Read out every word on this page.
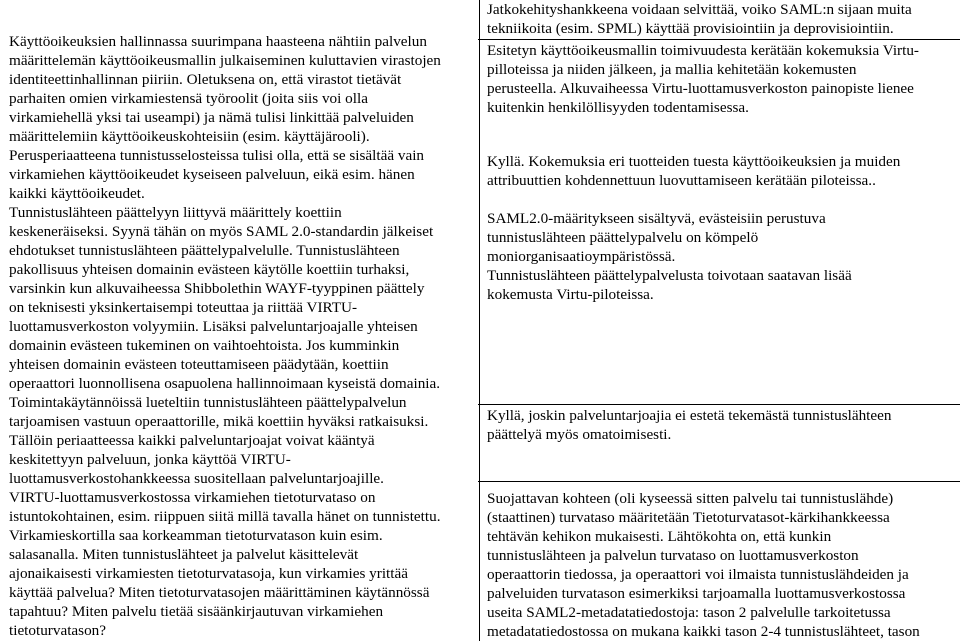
Käyttöoikeuksien hallinnassa suurimpana haasteena nähtiin palvelun
määrittelemän käyttöoikeusmallin julkaiseminen kuluttavien virastojen
identiteettinhallinnan piiriin. Oletuksena on, että virastot tietävät
parhaiten omien virkamiestensä työroolit (joita siis voi olla
virkamiehellä yksi tai useampi) ja nämä tulisi linkittää palveluiden
määrittelemiin käyttöoikeuskohteisiin (esim. käyttäjärooli).
Perusperiaatteena tunnistusselosteissa tulisi olla, että se sisältää vain
virkamiehen käyttöoikeudet kyseiseen palveluun, eikä esim. hänen
kaikki käyttöoikeudet.
Tunnistuslähteen päättelyyn liittyvä määrittely koettiin
keskeneräiseksi. Syynä tähän on myös SAML 2.0-standardin jälkeiset
ehdotukset tunnistuslähteen päättelypalvelulle. Tunnistuslähteen
pakollisuus yhteisen domainin evästeen käytölle koettiin turhaksi,
varsinkin kun alkuvaiheessa Shibbolethin WAYF-tyyppinen päättely
on teknisesti yksinkertaisempi toteuttaa ja riittää VIRTU-
luottamusverkoston volyymiin. Lisäksi palveluntarjoajalle yhteisen
domainin evästeen tukeminen on vaihtoehtoista. Jos kumminkin
yhteisen domainin evästeen toteuttamiseen päädytään, koettiin
operaattori luonnollisena osapuolena hallinnoimaan kyseistä domainia.
Toimintakäytännöissä lueteltiin tunnistuslähteen päättelypalvelun
tarjoamisen vastuun operaattorille, mikä koettiin hyväksi ratkaisuksi.
Tällöin periaatteessa kaikki palveluntarjoajat voivat kääntyä
keskitettyyn palveluun, jonka käyttöä VIRTU-
luottamusverkostohankkeessa suositellaan palveluntarjoajille.
VIRTU-luottamusverkostossa virkamiehen tietoturvataso on
istuntokohtainen, esim. riippuen siitä millä tavalla hänet on tunnistettu.
Virkamieskortilla saa korkeamman tietoturvatason kuin esim.
salasanalla. Miten tunnistuslähteet ja palvelut käsittelevät
ajonaikaisesti virkamiesten tietoturvatasoja, kun virkamies yrittää
käyttää palvelua? Miten tietoturvatasojen määrittäminen käytännössä
tapahtuu? Miten palvelu tietää sisäänkirjautuvan virkamiehen
tietoturvatason?
Jatkokehityshankkeena voidaan selvittää, voiko SAML:n sijaan muita
tekniikoita (esim. SPML) käyttää provisiointiin ja deprovisiointiin.
Esitetyn käyttöoikeusmallin toimivuudesta kerätään kokemuksia Virtu-
pilloteissa ja niiden jälkeen, ja mallia kehitetään kokemusten
perusteella. Alkuvaiheessa Virtu-luottamusverkoston painopiste lienee
kuitenkin henkilöllisyyden todentamisessa.
Kyllä. Kokemuksia eri tuotteiden tuesta käyttöoikeuksien ja muiden
attribuuttien kohdennettuun luovuttamiseen kerätään piloteissa..
SAML2.0-määritykseen sisältyvä, evästeisiin perustuva
tunnistuslähteen päättelypalvelu on kömpelö
moniorganisaatioympäristössä.
Tunnistuslähteen päättelypalvelusta toivotaan saatavan lisää
kokemusta Virtu-piloteissa.
Kyllä, joskin palveluntarjoajia ei estetä tekemästä tunnistuslähteen
päättelyä myös omatoimisesti.
Suojattavan kohteen (oli kyseessä sitten palvelu tai tunnistuslähde)
(staattinen) turvataso määritetään Tietoturvatasot-kärkihankkeessa
tehtävän kehikon mukaisesti. Lähtökohta on, että kunkin
tunnistuslähteen ja palvelun turvataso on luottamusverkoston
operaattorin tiedossa, ja operaattori voi ilmaista tunnistuslähdeiden ja
palveluiden turvatason esimerkiksi tarjoamalla luottamusverkostossa
useita SAML2-metadatatiedostoja: tason 2 palvelulle tarkoitetussa
metadatatiedostossa on mukana kaikki tason 2-4 tunnistuslähteet, tason
